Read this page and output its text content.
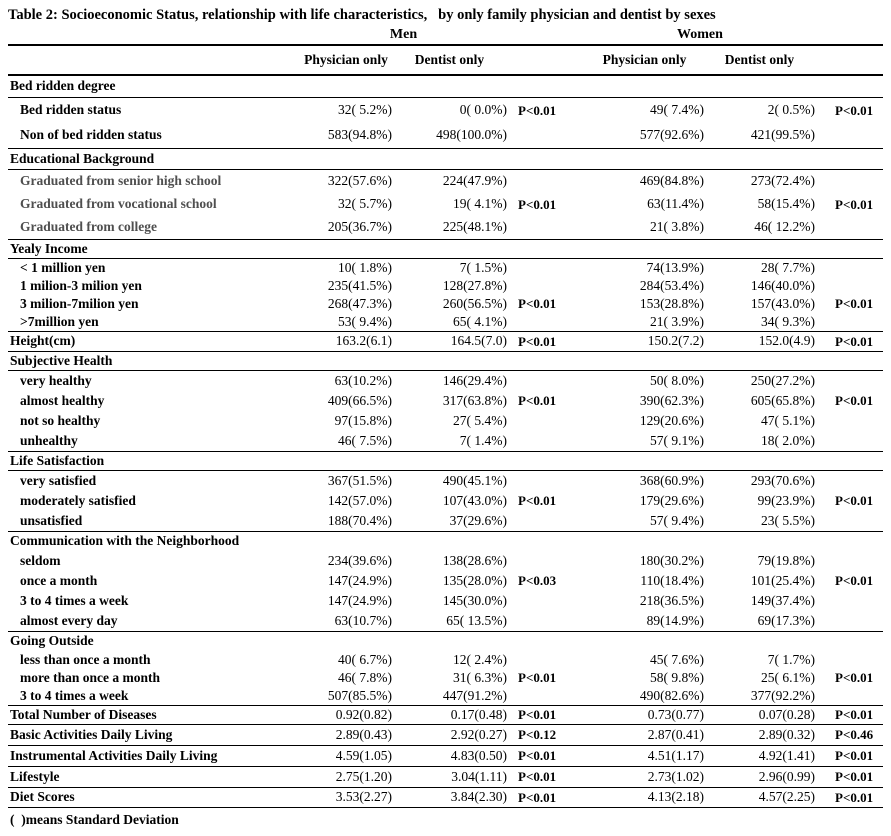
Table 2: Socioeconomic Status, relationship with life characteristics,   by only family physician and dentist by sexes
Men	Women
Physician only	Dentist only	Physician only	Dentist only
Bed ridden degree
Bed ridden status	32( 5.2%)	0( 0.0%) P<0.01	49( 7.4%)	2( 0.5%)	P<0.01
Non of bed ridden status	583(94.8%)	498(100.0%)	577(92.6%)	421(99.5%)
Educational Background
Graduated from senior high school	322(57.6%)	224(47.9%)	469(84.8%)	273(72.4%)
Graduated from vocational school	32( 5.7%)	19( 4.1%) P<0.01	63(11.4%)	58(15.4%)	P<0.01
Graduated from college	205(36.7%)	225(48.1%)	21( 3.8%)	46( 12.2%)
Yealy Income
< 1 million yen	10( 1.8%)	7( 1.5%)	74(13.9%)	28( 7.7%)
1 milion-3 milion yen	235(41.5%)	128(27.8%)	284(53.4%)	146(40.0%)
3 milion-7milion yen	268(47.3%)	260(56.5%) P<0.01	153(28.8%)	157(43.0%)	P<0.01
>7million yen	53( 9.4%)	65( 4.1%)	21( 3.9%)	34( 9.3%)
Height(cm)	163.2(6.1)	164.5(7.0) P<0.01	150.2(7.2)	152.0(4.9)	P<0.01
Subjective Health
very healthy	63(10.2%)	146(29.4%)	50( 8.0%)	250(27.2%)
almost healthy	409(66.5%)	317(63.8%) P<0.01	390(62.3%)	605(65.8%)	P<0.01
not so healthy	97(15.8%)	27( 5.4%)	129(20.6%)	47( 5.1%)
unhealthy	46( 7.5%)	7( 1.4%)	57( 9.1%)	18( 2.0%)
Life Satisfaction
very satisfied	367(51.5%)	490(45.1%)	368(60.9%)	293(70.6%)
moderately satisfied	142(57.0%)	107(43.0%) P<0.01	179(29.6%)	99(23.9%)	P<0.01
unsatisfied	188(70.4%)	37(29.6%)	57( 9.4%)	23( 5.5%)
Communication with the Neighborhood
seldom	234(39.6%)	138(28.6%)	180(30.2%)	79(19.8%)
once a month	147(24.9%)	135(28.0%) P<0.03	110(18.4%)	101(25.4%)	P<0.01
3 to 4 times a week	147(24.9%)	145(30.0%)	218(36.5%)	149(37.4%)
almost every day	63(10.7%)	65( 13.5%)	89(14.9%)	69(17.3%)
Going Outside
less than once a month	40( 6.7%)	12( 2.4%)	45( 7.6%)	7( 1.7%)
more than once a month	46( 7.8%)	31( 6.3%) P<0.01	58( 9.8%)	25( 6.1%)	P<0.01
3 to 4 times a week	507(85.5%)	447(91.2%)	490(82.6%)	377(92.2%)
Total Number of Diseases	0.92(0.82)	0.17(0.48) P<0.01	0.73(0.77)	0.07(0.28)	P<0.01
Basic Activities Daily Living	2.89(0.43)	2.92(0.27) P<0.12	2.87(0.41)	2.89(0.32)	P<0.46
Instrumental Activities Daily Living	4.59(1.05)	4.83(0.50) P<0.01	4.51(1.17)	4.92(1.41)	P<0.01
Lifestyle	2.75(1.20)	3.04(1.11) P<0.01	2.73(1.02)	2.96(0.99)	P<0.01
Diet Scores	3.53(2.27)	3.84(2.30) P<0.01	4.13(2.18)	4.57(2.25)	P<0.01
(  )means Standard Deviation
